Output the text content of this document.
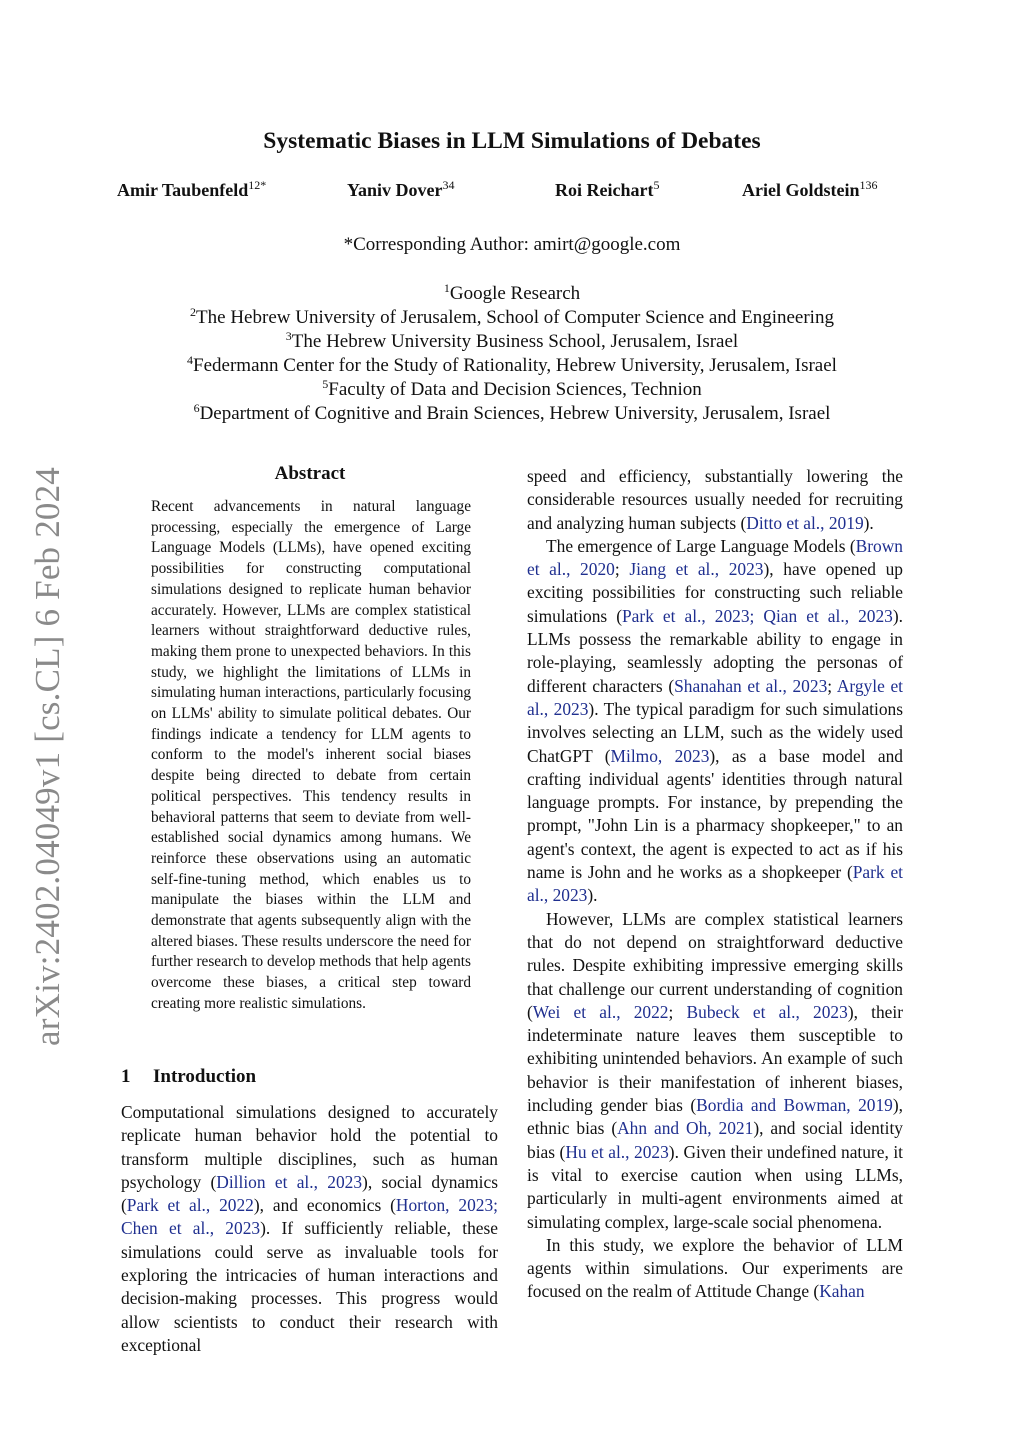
arXiv:2402.04049v1 [cs.CL] 6 Feb 2024
Systematic Biases in LLM Simulations of Debates
Amir Taubenfeld$^{12*}$	Yaniv Dover$^{34}$	Roi Reichart$^5$	Ariel Goldstein$^{136}$
*Corresponding Author: amirt@google.com
$^1$Google Research
$^2$The Hebrew University of Jerusalem, School of Computer Science and Engineering
$^3$The Hebrew University Business School, Jerusalem, Israel
$^4$Federmann Center for the Study of Rationality, Hebrew University, Jerusalem, Israel
$^5$Faculty of Data and Decision Sciences, Technion
$^6$Department of Cognitive and Brain Sciences, Hebrew University, Jerusalem, Israel
Abstract
Recent advancements in natural language processing, especially the emergence of Large Language Models (LLMs), have opened exciting possibilities for constructing computational simulations designed to replicate human behavior accurately. However, LLMs are complex statistical learners without straightforward deductive rules, making them prone to unexpected behaviors. In this study, we highlight the limitations of LLMs in simulating human interactions, particularly focusing on LLMs' ability to simulate political debates. Our findings indicate a tendency for LLM agents to conform to the model's inherent social biases despite being directed to debate from certain political perspectives. This tendency results in behavioral patterns that seem to deviate from well-established social dynamics among humans. We reinforce these observations using an automatic self-fine-tuning method, which enables us to manipulate the biases within the LLM and demonstrate that agents subsequently align with the altered biases. These results underscore the need for further research to develop methods that help agents overcome these biases, a critical step toward creating more realistic simulations.
1 Introduction
Computational simulations designed to accurately replicate human behavior hold the potential to transform multiple disciplines, such as human psychology (Dillion et al., 2023), social dynamics (Park et al., 2022), and economics (Horton, 2023; Chen et al., 2023). If sufficiently reliable, these simulations could serve as invaluable tools for exploring the intricacies of human interactions and decision-making processes. This progress would allow scientists to conduct their research with exceptional

speed and efficiency, substantially lowering the considerable resources usually needed for recruiting and analyzing human subjects (Ditto et al., 2019).

The emergence of Large Language Models (Brown et al., 2020; Jiang et al., 2023), have opened up exciting possibilities for constructing such reliable simulations (Park et al., 2023; Qian et al., 2023). LLMs possess the remarkable ability to engage in role-playing, seamlessly adopting the personas of different characters (Shanahan et al., 2023; Argyle et al., 2023). The typical paradigm for such simulations involves selecting an LLM, such as the widely used ChatGPT (Milmo, 2023), as a base model and crafting individual agents' identities through natural language prompts. For instance, by prepending the prompt, "John Lin is a pharmacy shopkeeper," to an agent's context, the agent is expected to act as if his name is John and he works as a shopkeeper (Park et al., 2023).

However, LLMs are complex statistical learners that do not depend on straightforward deductive rules. Despite exhibiting impressive emerging skills that challenge our current understanding of cognition (Wei et al., 2022; Bubeck et al., 2023), their indeterminate nature leaves them susceptible to exhibiting unintended behaviors. An example of such behavior is their manifestation of inherent biases, including gender bias (Bordia and Bowman, 2019), ethnic bias (Ahn and Oh, 2021), and social identity bias (Hu et al., 2023). Given their undefined nature, it is vital to exercise caution when using LLMs, particularly in multi-agent environments aimed at simulating complex, large-scale social phenomena.

In this study, we explore the behavior of LLM agents within simulations. Our experiments are focused on the realm of Attitude Change (Kahan
